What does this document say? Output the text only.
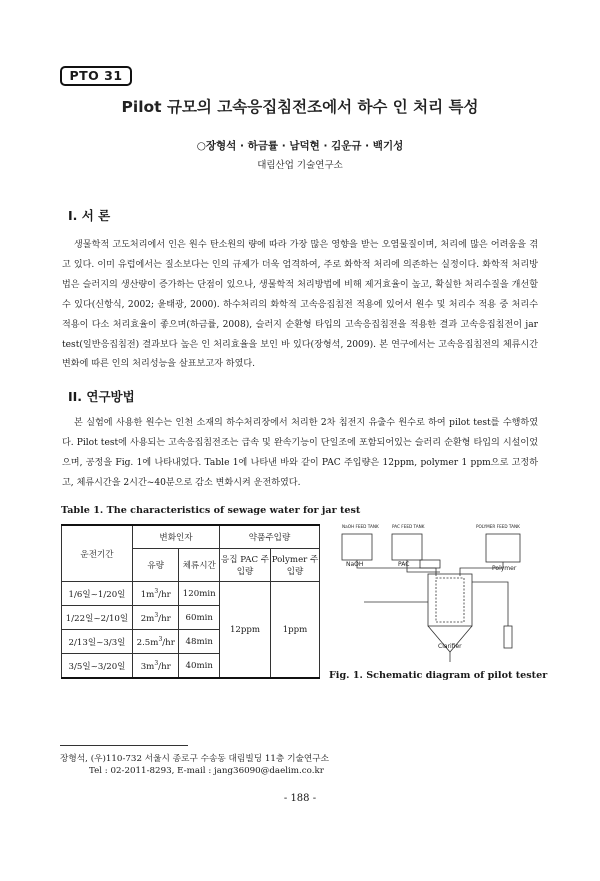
PTO 31
Pilot 규모의 고속응집침전조에서 하수 인 처리 특성
○장형석 · 하금률 · 남덕현 · 김운규 · 백기성
대림산업 기술연구소
I. 서 론

생물학적 고도처리에서 인은 원수 탄소원의 량에 따라 가장 많은 영향을 받는 오염물질이며, 처리에 많은 어려움을 겪고 있다. 이미 유럽에서는 질소보다는 인의 규제가 더욱 엄격하여, 주로 화학적 처리에 의존하는 실정이다. 화학적 처리방법은 슬러지의 생산량이 증가하는 단점이 있으나, 생물학적 처리방법에 비해 제거효율이 높고, 확실한 처리수질을 개선할 수 있다(신항식, 2002; 윤태광, 2000). 하수처리의 화학적 고속응집침전 적용에 있어서 원수 및 처리수 적용 중 처리수 적용이 다소 처리효율이 좋으며(하금률, 2008), 슬러지 순환형 타입의 고속응집침전을 적용한 결과 고속응집침전이 jar test(일반응집침전) 결과보다 높은 인 처리효율을 보인 바 있다(장형석, 2009). 본 연구에서는 고속응집침전의 체류시간 변화에 따른 인의 처리성능을 살표보고자 하였다.

II. 연구방법

본 실험에 사용한 원수는 인천 소재의 하수처리장에서 처리한 2차 침전지 유출수 원수로 하여 pilot test를 수행하였다. Pilot test에 사용되는 고속응집침전조는 급속 및 완속기능이 단일조에 포함되어있는 슬러리 순환형 타입의 시설이었으며, 공정을 Fig. 1에 나타내었다. Table 1에 나타낸 바와 같이 PAC 주입량은 12ppm, polymer 1 ppm으로 고정하고, 체류시간을 2시간~40분으로 감소 변화시켜 운전하였다.

Table 1. The characteristics of sewage water for jar test
운전기간	변화인자		약품주입량	
	유량	체류시간	응집 PAC 주입량	Polymer 주입량
1/6일~1/20일	$1m^3/hr$	120min	12ppm	1ppm
1/22일~2/10일	$2m^3/hr$	60min		
2/13일~3/3일	$2.5m^3/hr$	48min		
3/5일~3/20일	$3m^3/hr$	40min		
NaOH FEED TANK	PAC FEED TANK	POLYMER FEED TANK
NaOH	PAC
Polymer
Clarifier
Fig. 1. Schematic diagram of pilot tester
장형석, (우)110-732 서울시 종로구 수송동 대림빌딩 11층 기술연구소
Tel : 02-2011-8293, E-mail : jang36090@daelim.co.kr
- 188 -
